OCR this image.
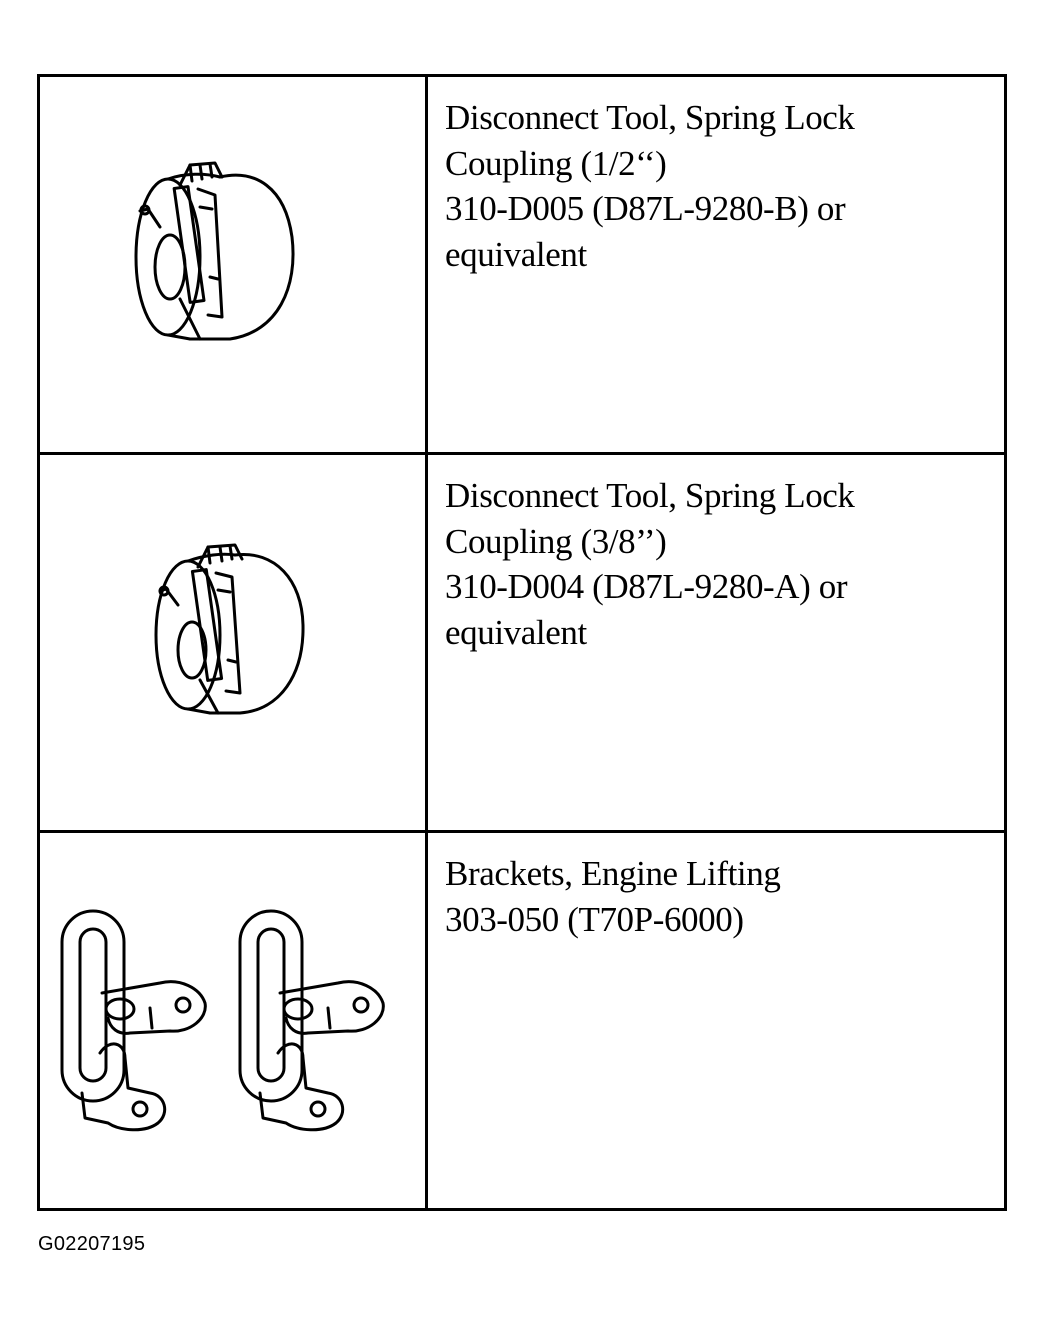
Disconnect Tool, Spring Lock Coupling (1/2‘‘)
310-D005 (D87L-9280-B) or equivalent

Disconnect Tool, Spring Lock Coupling (3/8’’)
310-D004 (D87L-9280-A) or equivalent

Brackets, Engine Lifting
303-050 (T70P-6000)
G02207195
